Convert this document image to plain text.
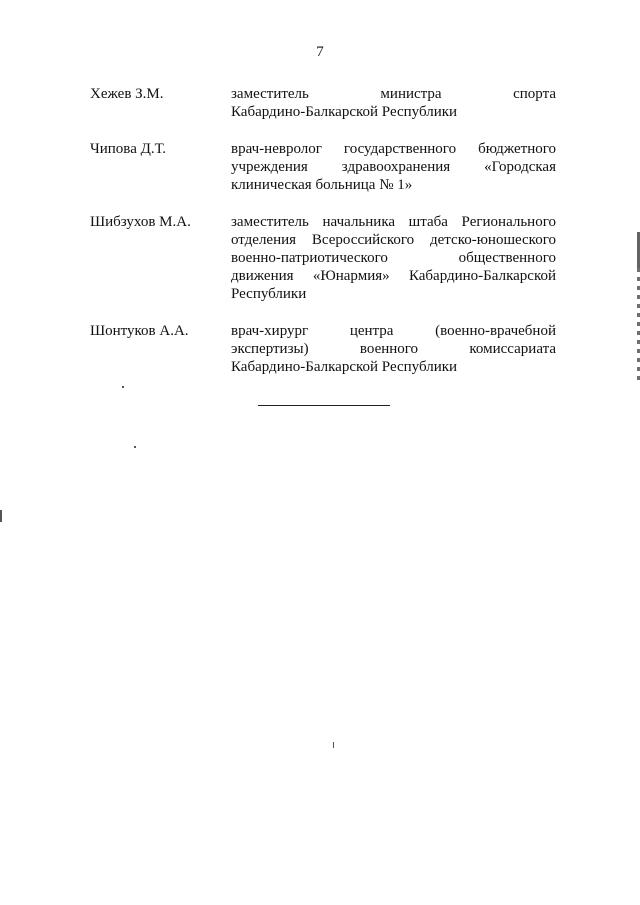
7
Хежев З.М.	заместитель министра спорта
Кабардино-Балкарской Республики
Чипова Д.Т.	врач-невролог государственного бюджетного
учреждения здравоохранения «Городская
клиническая больница № 1»
Шибзухов М.А.	заместитель начальника штаба Регионального
отделения Всероссийского детско-юношеского
военно-патриотического общественного
движения «Юнармия» Кабардино-Балкарской
Республики
Шонтуков А.А.	врач-хирург центра (военно-врачебной
экспертизы) военного комиссариата
Кабардино-Балкарской Республики
